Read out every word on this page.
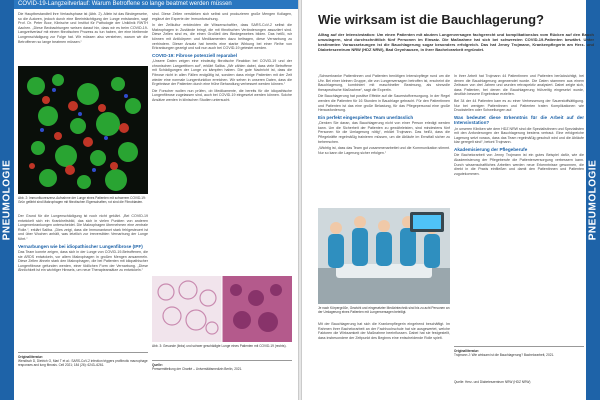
PNEUMOLOGIE
COVID-19-Langzeitverlauf: Warum Betroffene so lange beatmet werden müssen

Die Hauptbestandteil ihre Verlaufsphase ist (Abb. 2). Allein ist das Bindegewebe, so die Autoren, jedoch durch eine Beeinträchtigung der Lunge entstanden, sagt Prof. Dr. Peter Boor, Klinische und Institut für Pathologie der Uniklinik RWTH Aachen. „Diese Beobachtungen weisen darauf hin, dass wir es beim COVID-19-Langzeitverlauf mit einem fibrotischen Prozess zu tun haben, der eine bleibende Lungenschädigung zur Folge hat. Wir müssen also verstehen, warum wir die Betroffenen so lange beatmen müssen.“

Abb. 2: Immunfluoreszenz-Aufnahme der Lunge eines Patienten mit schwerem COVID-19: Grün gefärbt sind Makrophagen mit fibrotischen Eigenschaften, rot sind die Fibroblasten.

Der Grund für die Lungenschädigung ist noch nicht geklärt. „Bei COVID-19 entwickelt sich ein Krankheitsbild, das sich in vielen Punkten von anderen Lungenerkrankungen unterscheidet. Die Makrophagen übernehmen eine zentrale Rolle.“, erklärt Saliba. „Dies zeigt, dass die Immunantwort stark fehlgesteuert ist und über Wochen anhält, was letztlich zur irreversiblen Vernarbung der Lunge führt.“

Vernarbungen wie bei idiopathischer Lungenfibrose (IPF)

Das Team konnte zeigen, dass sich in der Lunge von COVID-19-Betroffenen, die sie ARDS entwickeln, vor allem Makrophagen in großen Mengen ansammeln. Diese Zellen ähneln stark den Makrophagen, die bei Patienten mit idiopathischer Lungenfibrose gefunden werden, einer tödlichen Form der Vernarbung. „Diese Ähnlichkeit ist ein wichtiger Hinweis, um neue Therapieansätze zu entwickeln.“

sind. Diese Zellen verstärken sich selbst und produzieren große Mengen Kollagen, ergänzt der Experte der Immunforschung.

In der Zellkultur entdeckten die Wissenschaftler, dass SARS-CoV-2 selbst die Makrophagen in Zustände bringt, die mit fibrotischen Veränderungen assoziiert sind. Diese Zellen sind es, die einen Großteil des Bindegewebes bilden. Das heißt, wir können mit Antikörpern und Medikamenten dazu beitragen, diese Vernarbung zu verhindern. Dieser Ansatz hat bereits eine starke Wirkung bei einer Reihe von Erkrankungen gezeigt und soll nun auch bei COVID-19 getestet werden.

COVID-19: Fibrose potenziell reparabel

„Unsere Daten zeigen eine eindeutig fibrotische Reaktion bei COVID-19 und der chronischen Langzeitform auf“, erklärt Saliba. „Wir zählen dabei, dass viele Betroffene mit Schädigungen der Lunge zu kämpfen haben. Die gute Nachricht ist, dass die Fibrose nicht in allen Fällen endgültig ist, sondern dass einige Patienten mit der Zeit wieder eine normale Lungenfunktion erreichen. Wir sehen in unseren Daten, dass die Ergebnisse der Patienten durch eine frühe Behandlung verbessert werden können.“

Die Forscher wollen nun prüfen, ob Medikamente, die bereits für die idiopathische Lungenfibrose zugelassen sind, auch bei COVID-19 eingesetzt werden können. Solche Ansätze werden in klinischen Studien untersucht.

Abb. 3: Gesunde (links) und schwer geschädigte Lunge eines Patienten mit COVID-19 (rechts).
Originalliteratur:
Wendisch D, Dietrich O, Mari T et al.: SARS-CoV-2 infection triggers profibrotic macrophage responses and lung fibrosis. Cell 2021; 184 (26): 6243–6261.	Quelle:
Pressemitteilung der Charité – Universitätsmedizin Berlin, 2021.
PNEUMOLOGIE
Wie wirksam ist die Bauchlagerung?
Alltag auf der Intensivstation: Um einen Patienten mit akutem Lungenversagen fachgerecht und komplikationslos vom Rücken auf den Bauch umzulagern, sind durchschnittlich fünf Personen im Einsatz. Die Maßnahme hat sich bei schwersten COVID-19-Patienten bewährt. Unter bestimmten Voraussetzungen ist die Bauchlagerung sogar besonders erfolgreich. Das hat Jenny Trojmann, Krankenpflegerin am Herz- und Diabeteszentrum NRW (HDZ NRW), Bad Oeynhausen, in ihrer Bachelorarbeit ergründet.

„Schwerkranke Patientinnen und Patienten benötigen Intensivpflege rund um die Uhr. Bei einer kleinen Gruppe, die von Lungenversagen betroffen ist, erscheint die Bauchlagerung, kombiniert mit maschineller Beatmung, als sinnvolle therapeutische Maßnahme“, sagt die Expertin.

Die Bauchlagerung hat positive Effekte auf die Sauerstoffversorgung. In der Regel werden die Patienten für 16 Stunden in Bauchlage gebracht. Für den Patientinnen und Patienten ist das eine große Belastung, für das Pflegepersonal eine große Herausforderung.

Ein perfekt eingespieltes Team unerlässlich

„Denken Sie daran, das Bauchlagerung nicht von einer Person erledigt werden kann. Um die Sicherheit der Patienten zu gewährleisten, sind mindestens fünf Personen für die Umlagerung nötig“, erklärt Trojmann. Das heißt, dass die Pflegekräfte regelmäßig trainieren müssen, um die Abläufe im Ernstfall sicher zu beherrschen.

„Wichtig ist, dass das Team gut zusammenarbeitet und die Kommunikation stimmt. Nur so kann die Lagerung sicher erfolgen.“

Je nach Körpergröße, Gewicht und eingesetzter Medizintechnik sind bis zu acht Personen an der Umlagerung eines Patienten mit Lungenversagen beteiligt.

Mit der Bauchlagerung hat sich die Krankenpflegerin eingehend beschäftigt. Im Rahmen ihrer Bachelorarbeit an der Fachhochschule hat sie ausgewertet, welche Faktoren die Wirksamkeit der Maßnahme beeinflussen. Dabei hat sie festgestellt, dass insbesondere der Zeitpunkt des Beginns eine entscheidende Rolle spielt.

In ihrer Arbeit hat Trojmann 44 Patientinnen und Patienten berücksichtigt, bei denen die Bauchlagerung angewendet wurde. Die Daten stammen aus einem Zeitraum von drei Jahren und wurden retrospektiv analysiert. Dabei zeigte sich, dass Patienten, bei denen die Bauchlagerung frühzeitig eingesetzt wurde, deutlich bessere Ergebnisse erzielten.

Bei 34 der 44 Patienten kam es zu einer Verbesserung der Sauerstoffsättigung. Nur bei wenigen Patientinnen und Patienten traten Komplikationen wie Druckstellen oder Schwellungen auf.

Was bedeutet diese Erkenntnis für die Arbeit auf der Intensivstation?

„In unseren Kliniken wie dem HDZ NRW sind die Spezialistinnen und Spezialisten mit den Anforderungen der Bauchlagerung bestens vertraut. Eine erfolgreiche Lagerung setzt voraus, dass das Team regelmäßig geschult wird und die Abläufe klar geregelt sind“, betont Trojmann.

Akademisierung der Pflegeberufe

Die Bachelorarbeit von Jenny Trojmann ist ein gutes Beispiel dafür, wie die Akademisierung der Pflegeberufe die Patientenversorgung verbessern kann. Durch wissenschaftliches Arbeiten werden neue Erkenntnisse gewonnen, die direkt in die Praxis einfließen und damit den Patientinnen und Patienten zugutekommen.

Originalliteratur:
Trojmann J: Wie wirksam ist die Bauchlagerung? Bachelorarbeit, 2021.
Quelle: Herz- und Diabeteszentrum NRW (HDZ NRW)
